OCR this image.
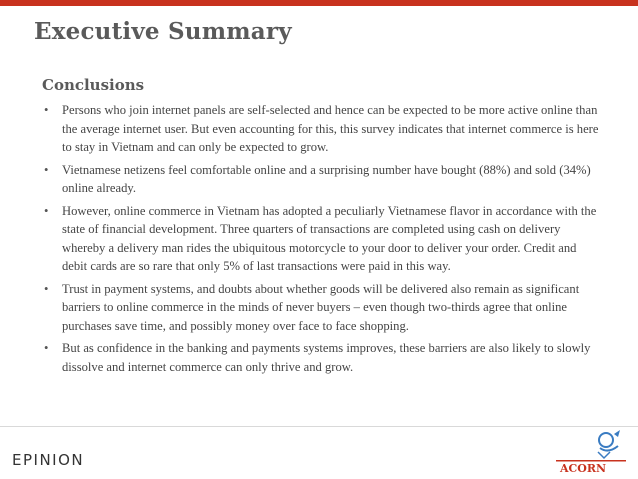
Executive Summary
Conclusions
• Persons who join internet panels are self-selected and hence can be expected to be more active online than the average internet user. But even accounting for this, this survey indicates that internet commerce is here to stay in Vietnam and can only be expected to grow.
• Vietnamese netizens feel comfortable online and a surprising number have bought (88%) and sold (34%) online already.
• However, online commerce in Vietnam has adopted a peculiarly Vietnamese flavor in accordance with the state of financial development. Three quarters of transactions are completed using cash on delivery whereby a delivery man rides the ubiquitous motorcycle to your door to deliver your order. Credit and debit cards are so rare that only 5% of last transactions were paid in this way.
• Trust in payment systems, and doubts about whether goods will be delivered also remain as significant barriers to online commerce in the minds of never buyers – even though two-thirds agree that online purchases save time, and possibly money over face to face shopping.
• But as confidence in the banking and payments systems improves, these barriers are also likely to slowly dissolve and internet commerce can only thrive and grow.
EPINION	ACORN
